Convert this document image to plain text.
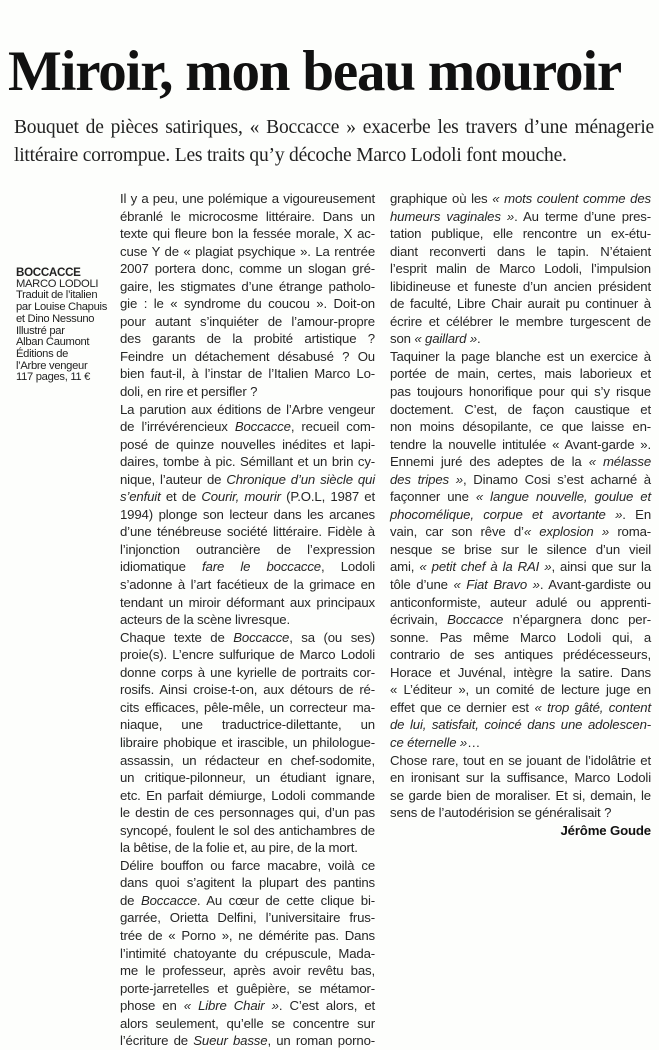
Miroir, mon beau mouroir
Bouquet de pièces satiriques, « Boccacce » exacerbe les travers d’une ménagerie
littéraire corrompue. Les traits qu’y décoche Marco Lodoli font mouche.
BOCCACCE
MARCO LODOLI
Traduit de l’italien
par Louise Chapuis
et Dino Nessuno
Illustré par
Alban Caumont
Éditions de
l’Arbre vengeur
117 pages, 11 €
Il y a peu, une polémique a vigoureusement
ébranlé le microcosme littéraire. Dans un
texte qui fleure bon la fessée morale, X ac-
cuse Y de « plagiat psychique ». La rentrée
2007 portera donc, comme un slogan gré-
gaire, les stigmates d’une étrange patholo-
gie : le « syndrome du coucou ». Doit-on
pour autant s’inquiéter de l’amour-propre
des garants de la probité artistique ?
Feindre un détachement désabusé ? Ou
bien faut-il, à l’instar de l’Italien Marco Lo-
doli, en rire et persifler ?
La parution aux éditions de l’Arbre vengeur
de l’irrévérencieux Boccacce, recueil com-
posé de quinze nouvelles inédites et lapi-
daires, tombe à pic. Sémillant et un brin cy-
nique, l’auteur de Chronique d’un siècle qui
s’enfuit et de Courir, mourir (P.O.L, 1987 et
1994) plonge son lecteur dans les arcanes
d’une ténébreuse société littéraire. Fidèle à
l’injonction outrancière de l’expression
idiomatique fare le boccacce, Lodoli
s’adonne à l’art facétieux de la grimace en
tendant un miroir déformant aux principaux
acteurs de la scène livresque.
Chaque texte de Boccacce, sa (ou ses)
proie(s). L’encre sulfurique de Marco Lodoli
donne corps à une kyrielle de portraits cor-
rosifs. Ainsi croise-t-on, aux détours de ré-
cits efficaces, pêle-mêle, un correcteur ma-
niaque, une traductrice-dilettante, un
libraire phobique et irascible, un philologue-
assassin, un rédacteur en chef-sodomite,
un critique-pilonneur, un étudiant ignare,
etc. En parfait démiurge, Lodoli commande
le destin de ces personnages qui, d’un pas
syncopé, foulent le sol des antichambres de
la bêtise, de la folie et, au pire, de la mort.
Délire bouffon ou farce macabre, voilà ce
dans quoi s’agitent la plupart des pantins
de Boccacce. Au cœur de cette clique bi-
garrée, Orietta Delfini, l’universitaire frus-
trée de « Porno », ne démérite pas. Dans
l’intimité chatoyante du crépuscule, Mada-
me le professeur, après avoir revêtu bas,
porte-jarretelles et guêpière, se métamor-
phose en « Libre Chair ». C’est alors, et
alors seulement, qu’elle se concentre sur
l’écriture de Sueur basse, un roman porno-
graphique où les « mots coulent comme des
humeurs vaginales ». Au terme d’une pres-
tation publique, elle rencontre un ex-étu-
diant reconverti dans le tapin. N’étaient
l’esprit malin de Marco Lodoli, l’impulsion
libidineuse et funeste d’un ancien président
de faculté, Libre Chair aurait pu continuer à
écrire et célébrer le membre turgescent de
son « gaillard ».
Taquiner la page blanche est un exercice à
portée de main, certes, mais laborieux et
pas toujours honorifique pour qui s’y risque
doctement. C’est, de façon caustique et
non moins désopilante, ce que laisse en-
tendre la nouvelle intitulée « Avant-garde ».
Ennemi juré des adeptes de la « mélasse
des tripes », Dinamo Cosi s’est acharné à
façonner une « langue nouvelle, goulue et
phocomélique, corpue et avortante ». En
vain, car son rêve d’« explosion » roma-
nesque se brise sur le silence d’un vieil
ami, « petit chef à la RAI », ainsi que sur la
tôle d’une « Fiat Bravo ». Avant-gardiste ou
anticonformiste, auteur adulé ou apprenti-
écrivain, Boccacce n’épargnera donc per-
sonne. Pas même Marco Lodoli qui, a
contrario de ses antiques prédécesseurs,
Horace et Juvénal, intègre la satire. Dans
« L’éditeur », un comité de lecture juge en
effet que ce dernier est « trop gâté, content
de lui, satisfait, coincé dans une adolescen-
ce éternelle »…
Chose rare, tout en se jouant de l’idolâtrie et
en ironisant sur la suffisance, Marco Lodoli
se garde bien de moraliser. Et si, demain, le
sens de l’autodérision se généralisait ?
Jérôme Goude
